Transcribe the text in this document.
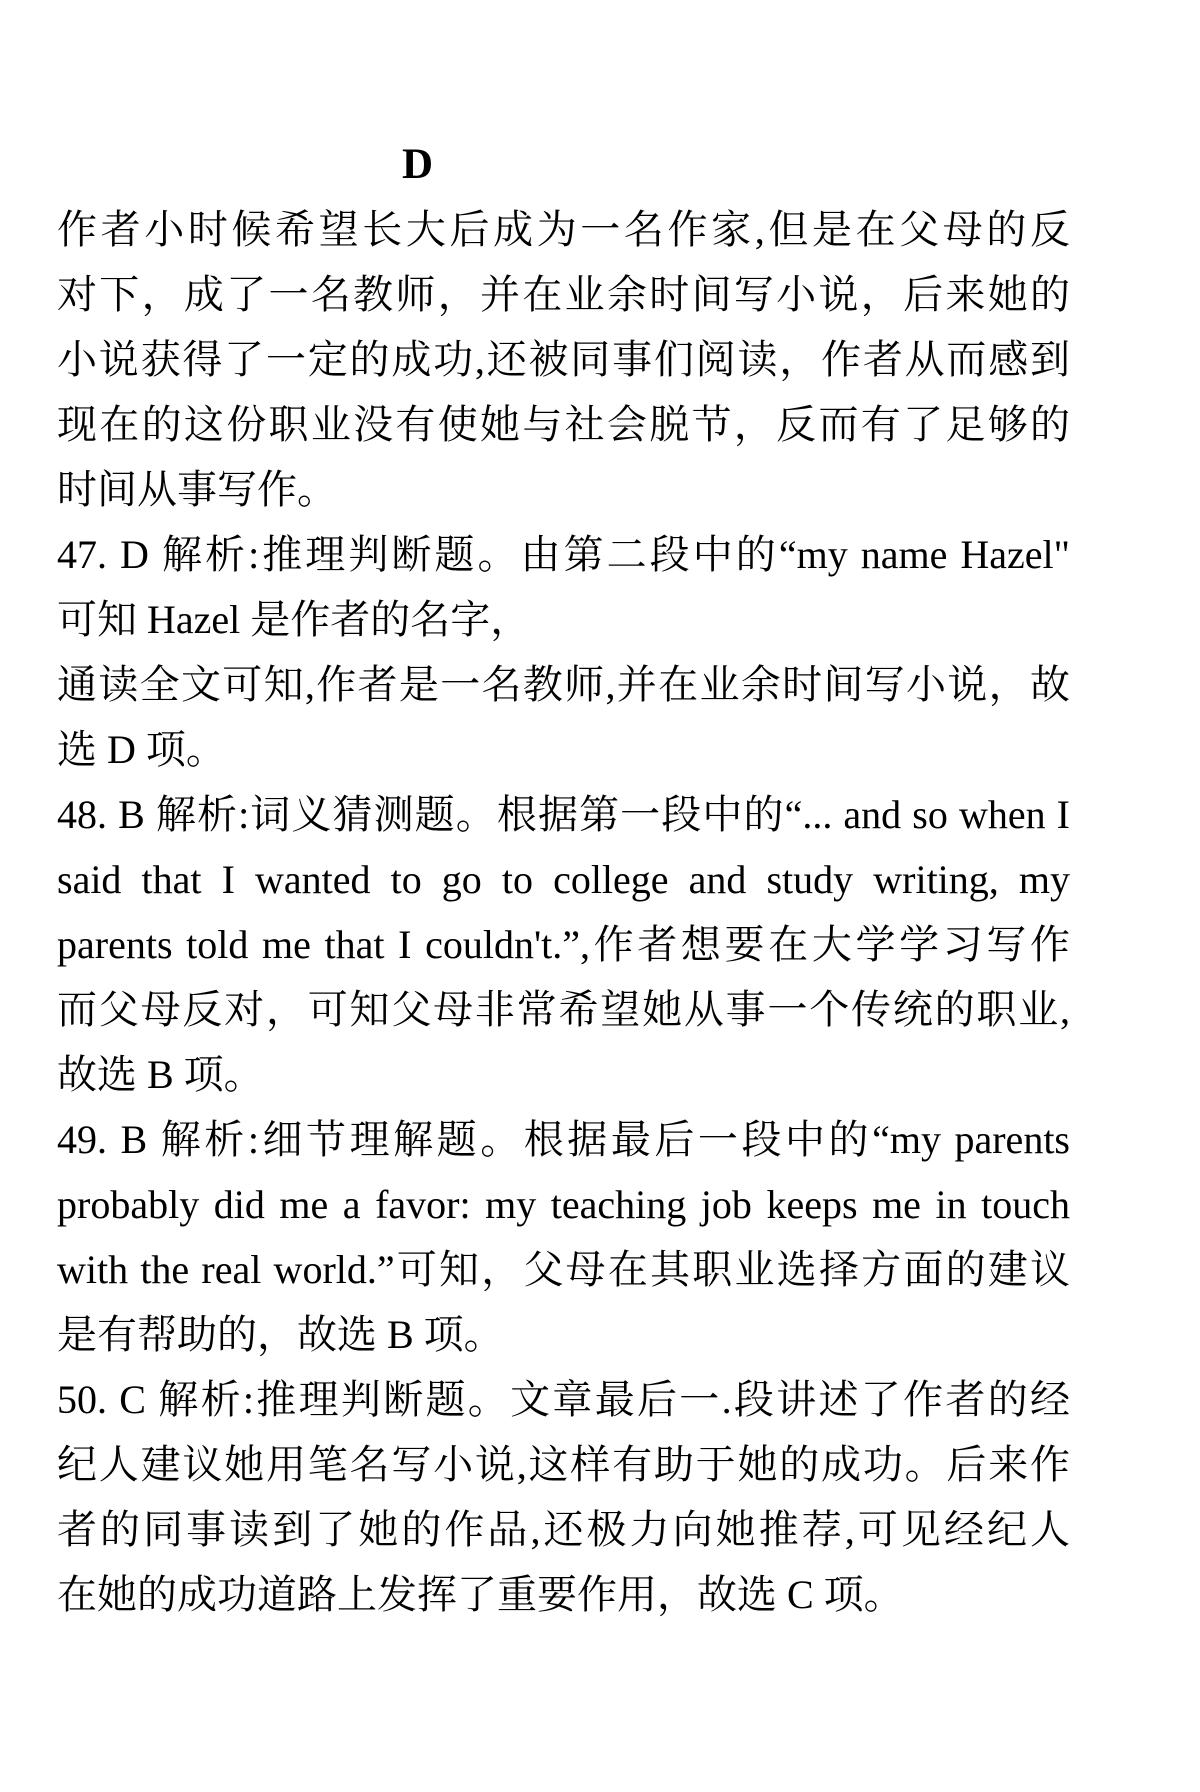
D
作者小时候希望长大后成为一名作家,但是在父母的反
对下，成了一名教师，并在业余时间写小说，后来她的
小说获得了一定的成功,还被同事们阅读，作者从而感到
现在的这份职业没有使她与社会脱节，反而有了足够的
时间从事写作。
47. D 解析:推理判断题。由第二段中的“my name Hazel"
可知 Hazel 是作者的名字，
通读全文可知,作者是一名教师,并在业余时间写小说，故
选 D 项。
48. B 解析:词义猜测题。根据第一段中的“... and so when I
said that I wanted to go to college and study writing, my
parents told me that I couldn't.”,作者想要在大学学习写作
而父母反对，可知父母非常希望她从事一个传统的职业,
故选 B 项。
49. B 解析:细节理解题。根据最后一段中的“my parents
probably did me a favor: my teaching job keeps me in touch
with the real world.”可知，父母在其职业选择方面的建议
是有帮助的，故选 B 项。
50. C 解析:推理判断题。文章最后一.段讲述了作者的经
纪人建议她用笔名写小说,这样有助于她的成功。后来作
者的同事读到了她的作品,还极力向她推荐,可见经纪人
在她的成功道路上发挥了重要作用，故选 C 项。
